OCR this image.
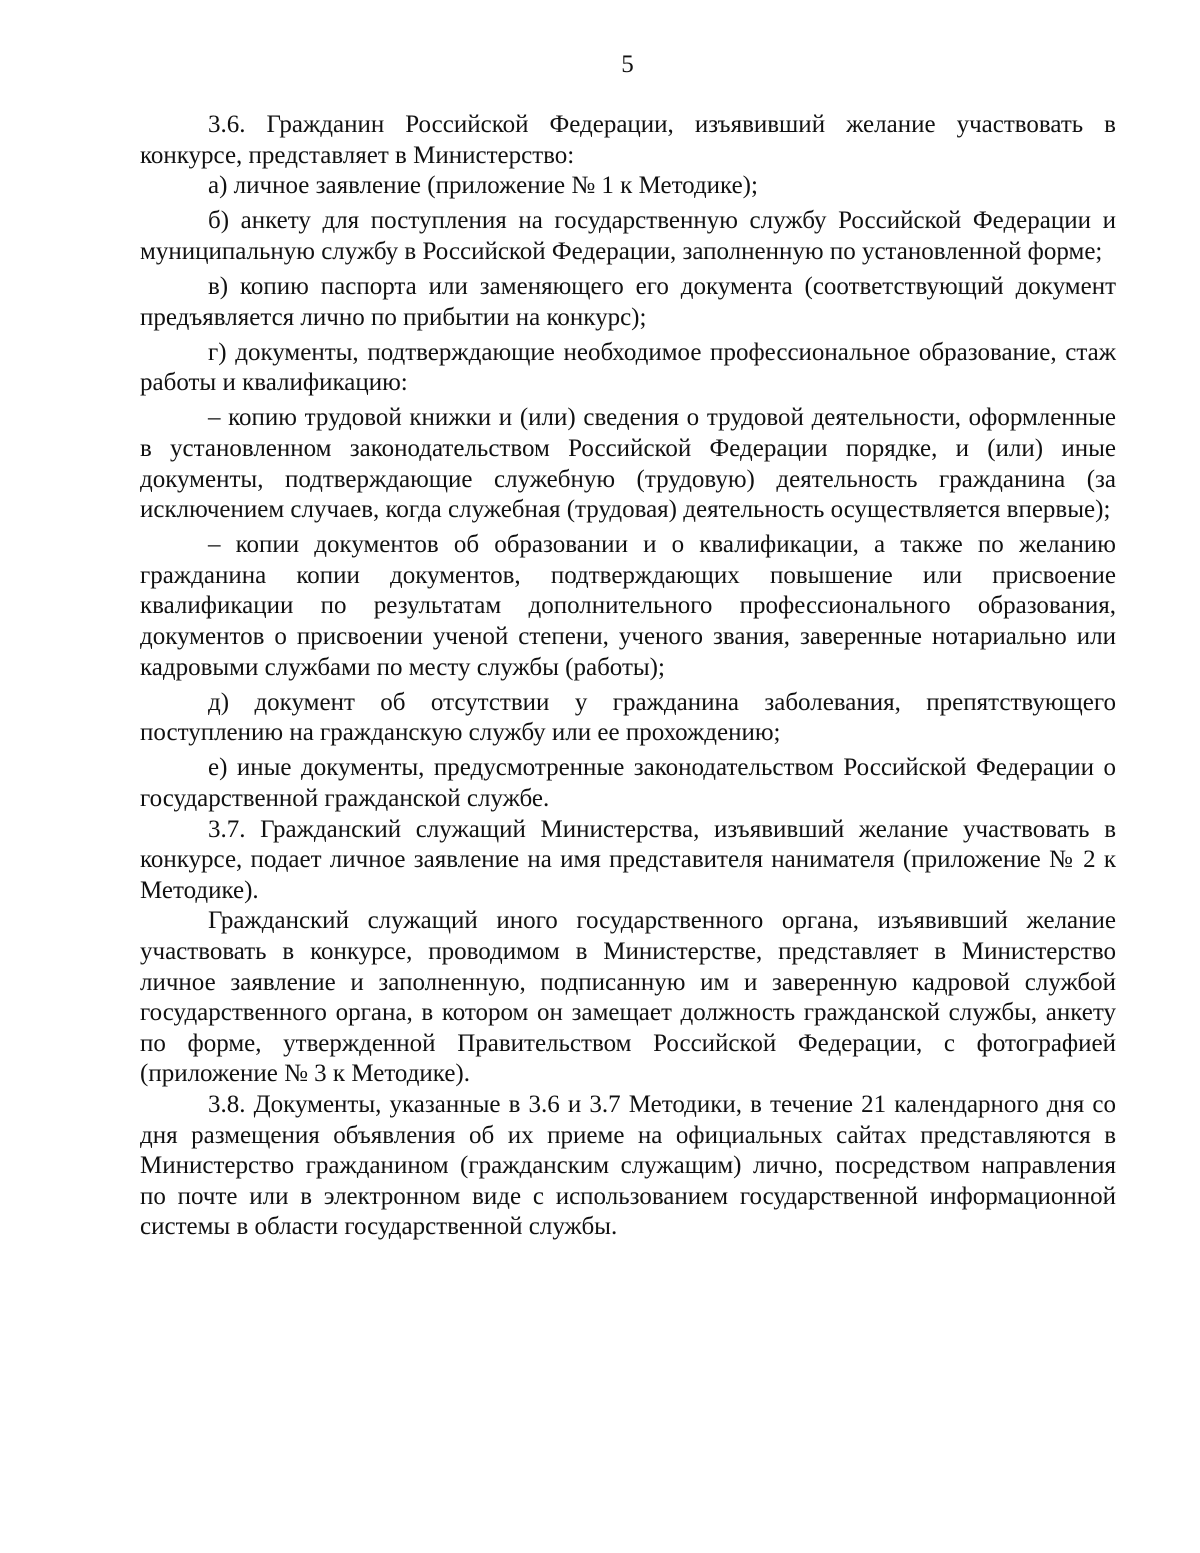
5

3.6. Гражданин Российской Федерации, изъявивший желание участвовать в конкурсе, представляет в Министерство:

а) личное заявление (приложение № 1 к Методике);

б) анкету для поступления на государственную службу Российской Федерации и муниципальную службу в Российской Федерации, заполненную по установленной форме;

в) копию паспорта или заменяющего его документа (соответствующий документ предъявляется лично по прибытии на конкурс);

г) документы, подтверждающие необходимое профессиональное образование, стаж работы и квалификацию:

– копию трудовой книжки и (или) сведения о трудовой деятельности, оформленные в установленном законодательством Российской Федерации порядке, и (или) иные документы, подтверждающие служебную (трудовую) деятельность гражданина (за исключением случаев, когда служебная (трудовая) деятельность осуществляется впервые);

– копии документов об образовании и о квалификации, а также по желанию гражданина копии документов, подтверждающих повышение или присвоение квалификации по результатам дополнительного профессионального образования, документов о присвоении ученой степени, ученого звания, заверенные нотариально или кадровыми службами по месту службы (работы);

д) документ об отсутствии у гражданина заболевания, препятствующего поступлению на гражданскую службу или ее прохождению;

е) иные документы, предусмотренные законодательством Российской Федерации о государственной гражданской службе.

3.7. Гражданский служащий Министерства, изъявивший желание участвовать в конкурсе, подает личное заявление на имя представителя нанимателя (приложение № 2 к Методике).

Гражданский служащий иного государственного органа, изъявивший желание участвовать в конкурсе, проводимом в Министерстве, представляет в Министерство личное заявление и заполненную, подписанную им и заверенную кадровой службой государственного органа, в котором он замещает должность гражданской службы, анкету по форме, утвержденной Правительством Российской Федерации, с фотографией (приложение № 3 к Методике).

3.8. Документы, указанные в 3.6 и 3.7 Методики, в течение 21 календарного дня со дня размещения объявления об их приеме на официальных сайтах представляются в Министерство гражданином (гражданским служащим) лично, посредством направления по почте или в электронном виде с использованием государственной информационной системы в области государственной службы.
